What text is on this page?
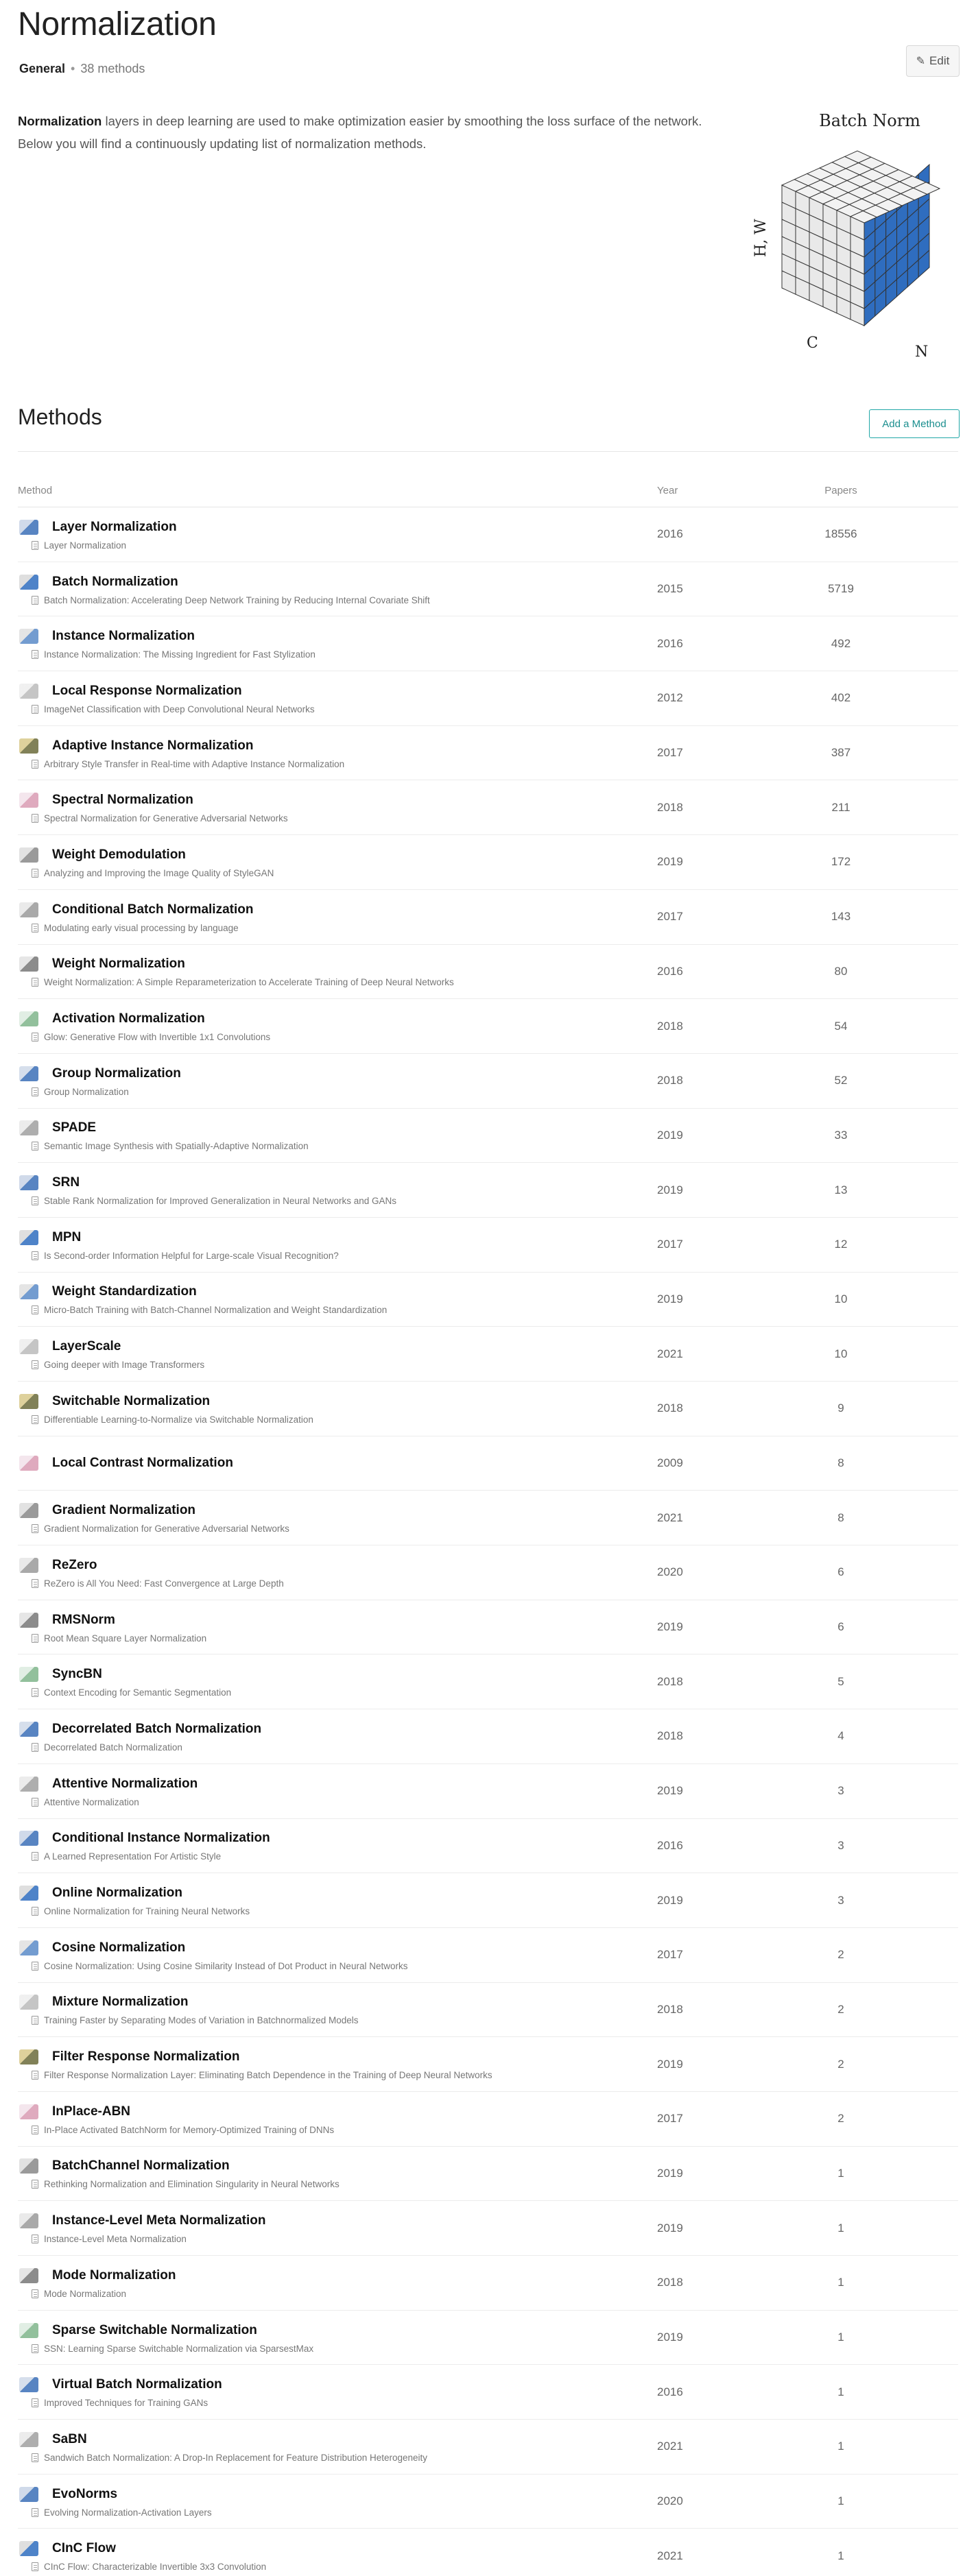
Normalization
General • 38 methods
✎ Edit

Normalization layers in deep learning are used to make optimization easier by smoothing the loss surface of the network. Below you will find a continuously updating list of normalization methods.

Batch Norm
H, W
C
N
Methods	Add a Method
Method	Year	Papers
Layer Normalization
Layer Normalization
2016	18556
Batch Normalization
Batch Normalization: Accelerating Deep Network Training by Reducing Internal Covariate Shift
2015	5719
Instance Normalization
Instance Normalization: The Missing Ingredient for Fast Stylization
2016	492
Local Response Normalization
ImageNet Classification with Deep Convolutional Neural Networks
2012	402
Adaptive Instance Normalization
Arbitrary Style Transfer in Real-time with Adaptive Instance Normalization
2017	387
Spectral Normalization
Spectral Normalization for Generative Adversarial Networks
2018	211
Weight Demodulation
Analyzing and Improving the Image Quality of StyleGAN
2019	172
Conditional Batch Normalization
Modulating early visual processing by language
2017	143
Weight Normalization
Weight Normalization: A Simple Reparameterization to Accelerate Training of Deep Neural Networks
2016	80
Activation Normalization
Glow: Generative Flow with Invertible 1x1 Convolutions
2018	54
Group Normalization
Group Normalization
2018	52
SPADE
Semantic Image Synthesis with Spatially-Adaptive Normalization
2019	33
SRN
Stable Rank Normalization for Improved Generalization in Neural Networks and GANs
2019	13
MPN
Is Second-order Information Helpful for Large-scale Visual Recognition?
2017	12
Weight Standardization
Micro-Batch Training with Batch-Channel Normalization and Weight Standardization
2019	10
LayerScale
Going deeper with Image Transformers
2021	10
Switchable Normalization
Differentiable Learning-to-Normalize via Switchable Normalization
2018	9
Local Contrast Normalization	2009	8
Gradient Normalization
Gradient Normalization for Generative Adversarial Networks
2021	8
ReZero
ReZero is All You Need: Fast Convergence at Large Depth
2020	6
RMSNorm
Root Mean Square Layer Normalization
2019	6
SyncBN
Context Encoding for Semantic Segmentation
2018	5
Decorrelated Batch Normalization
Decorrelated Batch Normalization
2018	4
Attentive Normalization
Attentive Normalization
2019	3
Conditional Instance Normalization
A Learned Representation For Artistic Style
2016	3
Online Normalization
Online Normalization for Training Neural Networks
2019	3
Cosine Normalization
Cosine Normalization: Using Cosine Similarity Instead of Dot Product in Neural Networks
2017	2
Mixture Normalization
Training Faster by Separating Modes of Variation in Batchnormalized Models
2018	2
Filter Response Normalization
Filter Response Normalization Layer: Eliminating Batch Dependence in the Training of Deep Neural Networks
2019	2
InPlace-ABN
In-Place Activated BatchNorm for Memory-Optimized Training of DNNs
2017	2
BatchChannel Normalization
Rethinking Normalization and Elimination Singularity in Neural Networks
2019	1
Instance-Level Meta Normalization
Instance-Level Meta Normalization
2019	1
Mode Normalization
Mode Normalization
2018	1
Sparse Switchable Normalization
SSN: Learning Sparse Switchable Normalization via SparsestMax
2019	1
Virtual Batch Normalization
Improved Techniques for Training GANs
2016	1
SaBN
Sandwich Batch Normalization: A Drop-In Replacement for Feature Distribution Heterogeneity
2021	1
EvoNorms
Evolving Normalization-Activation Layers
2020	1
CInC Flow
CInC Flow: Characterizable Invertible 3x3 Convolution
2021	1
